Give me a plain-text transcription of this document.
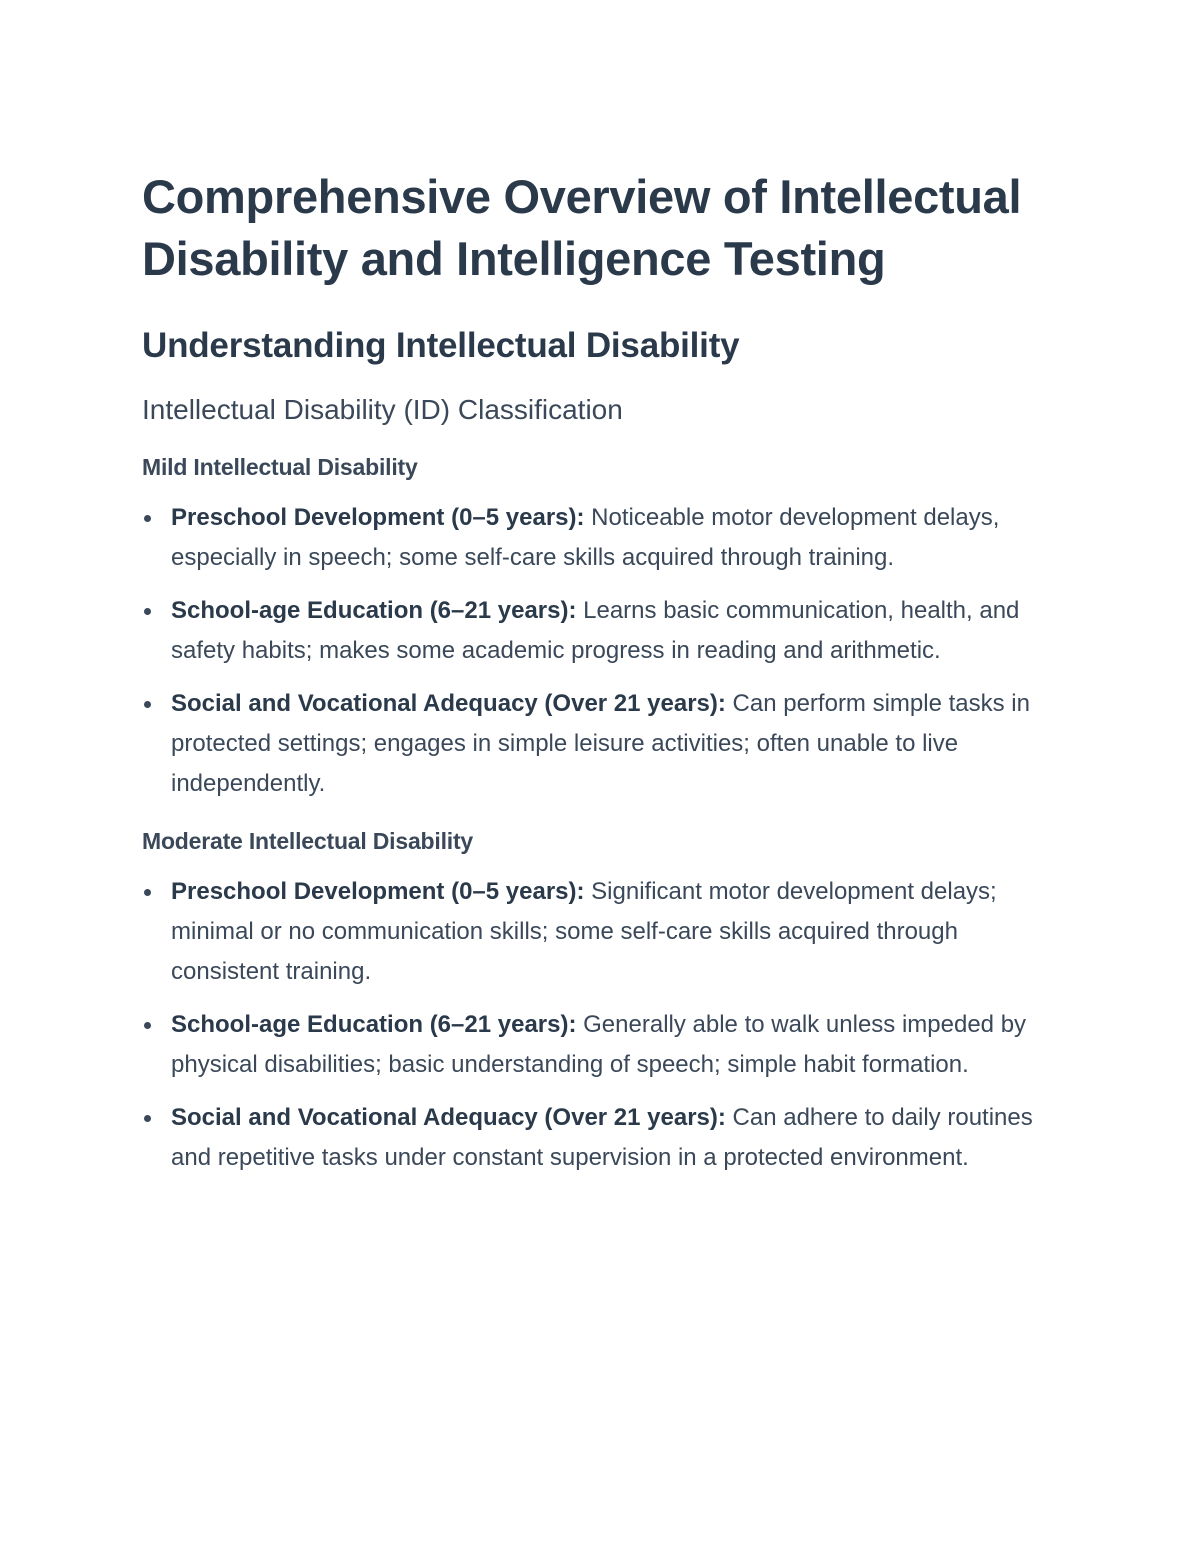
Comprehensive Overview of Intellectual Disability and Intelligence Testing
Understanding Intellectual Disability
Intellectual Disability (ID) Classification
Mild Intellectual Disability
Preschool Development (0–5 years): Noticeable motor development delays, especially in speech; some self-care skills acquired through training.
School-age Education (6–21 years): Learns basic communication, health, and safety habits; makes some academic progress in reading and arithmetic.
Social and Vocational Adequacy (Over 21 years): Can perform simple tasks in protected settings; engages in simple leisure activities; often unable to live independently.
Moderate Intellectual Disability
Preschool Development (0–5 years): Significant motor development delays; minimal or no communication skills; some self-care skills acquired through consistent training.
School-age Education (6–21 years): Generally able to walk unless impeded by physical disabilities; basic understanding of speech; simple habit formation.
Social and Vocational Adequacy (Over 21 years): Can adhere to daily routines and repetitive tasks under constant supervision in a protected environment.
